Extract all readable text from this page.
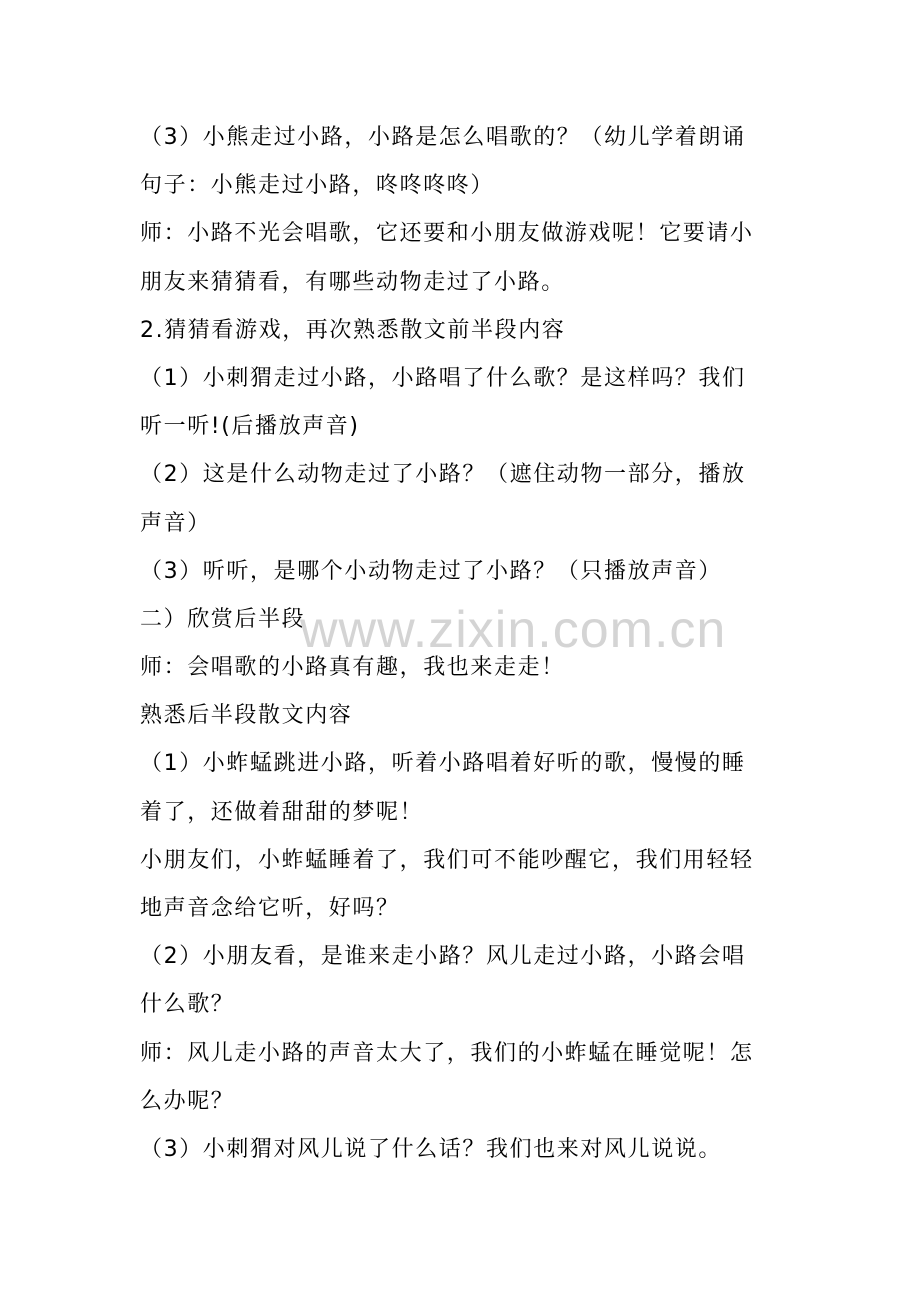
（3）小熊走过小路，小路是怎么唱歌的？（幼儿学着朗诵
句子：小熊走过小路，咚咚咚咚）
师：小路不光会唱歌，它还要和小朋友做游戏呢！它要请小
朋友来猜猜看，有哪些动物走过了小路。
2.猜猜看游戏，再次熟悉散文前半段内容
（1）小刺猬走过小路，小路唱了什么歌？是这样吗？我们
听一听!(后播放声音)
（2）这是什么动物走过了小路？（遮住动物一部分，播放
声音）
（3）听听，是哪个小动物走过了小路？（只播放声音）
二）欣赏后半段
师：会唱歌的小路真有趣，我也来走走！
熟悉后半段散文内容
（1）小蚱蜢跳进小路，听着小路唱着好听的歌，慢慢的睡
着了，还做着甜甜的梦呢！
小朋友们，小蚱蜢睡着了，我们可不能吵醒它，我们用轻轻
地声音念给它听，好吗？
（2）小朋友看，是谁来走小路？风儿走过小路，小路会唱
什么歌？
师：风儿走小路的声音太大了，我们的小蚱蜢在睡觉呢！怎
么办呢？
（3）小刺猬对风儿说了什么话？我们也来对风儿说说。
www.zixin.com.cn
